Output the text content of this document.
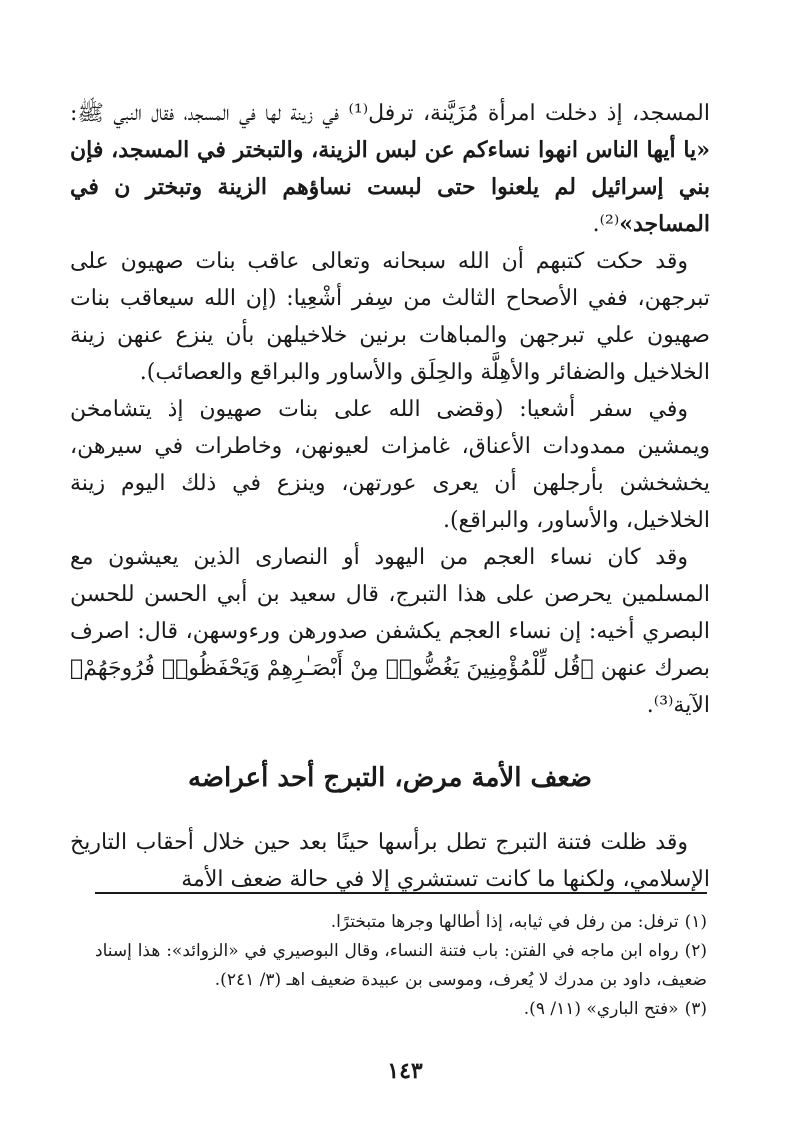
المسجد، إذ دخلت امرأة مُزَيَّنة، ترفل⁽¹⁾ في زينة لها في المسجد، فقال النبي ﷺ: «يا أيها الناس انهوا نساءكم عن لبس الزينة، والتبختر في المسجد، فإن بني إسرائيل لم يلعنوا حتى لبست نساؤهم الزينة وتبختر ن في المساجد»⁽²⁾.

وقد حكت كتبهم أن الله سبحانه وتعالى عاقب بنات صهيون على تبرجهن، ففي الأصحاح الثالث من سِفر أشْعِيا: (إن الله سيعاقب بنات صهيون علي تبرجهن والمباهات برنين خلاخيلهن بأن ينزع عنهن زينة الخلاخيل والضفائر والأهِلَّة والحِلَق والأساور والبراقع والعصائب).

وفي سفر أشعيا: (وقضى الله على بنات صهيون إذ يتشامخن ويمشين ممدودات الأعناق، غامزات لعيونهن، وخاطرات في سيرهن، يخشخشن بأرجلهن أن يعرى عورتهن، وينزع في ذلك اليوم زينة الخلاخيل، والأساور، والبراقع).

وقد كان نساء العجم من اليهود أو النصارى الذين يعيشون مع المسلمين يحرصن على هذا التبرج، قال سعيد بن أبي الحسن للحسن البصري أخيه: إن نساء العجم يكشفن صدورهن ورءوسهن، قال: اصرف بصرك عنهن ﴿قُل لِّلْمُؤْمِنِينَ يَغُضُّوا۟ مِنْ أَبْصَـٰرِهِمْ وَيَحْفَظُوا۟ فُرُوجَهُمْ﴾ الآية⁽³⁾.

ضعف الأمة مرض، التبرج أحد أعراضه

وقد ظلت فتنة التبرج تطل برأسها حينًا بعد حين خلال أحقاب التاريخ الإسلامي، ولكنها ما كانت تستشري إلا في حالة ضعف الأمة

(١)ترفل: من رفل في ثيابه، إذا أطالها وجرها متبخترًا.

(٢)رواه ابن ماجه في الفتن: باب فتنة النساء، وقال البوصيري في «الزوائد»: هذا إسناد ضعيف، داود بن مدرك لا يُعرف، وموسى بن عبيدة ضعيف اهـ (٣/ ٢٤١).

(٣)«فتح الباري» (١١/ ٩).

١٤٣
